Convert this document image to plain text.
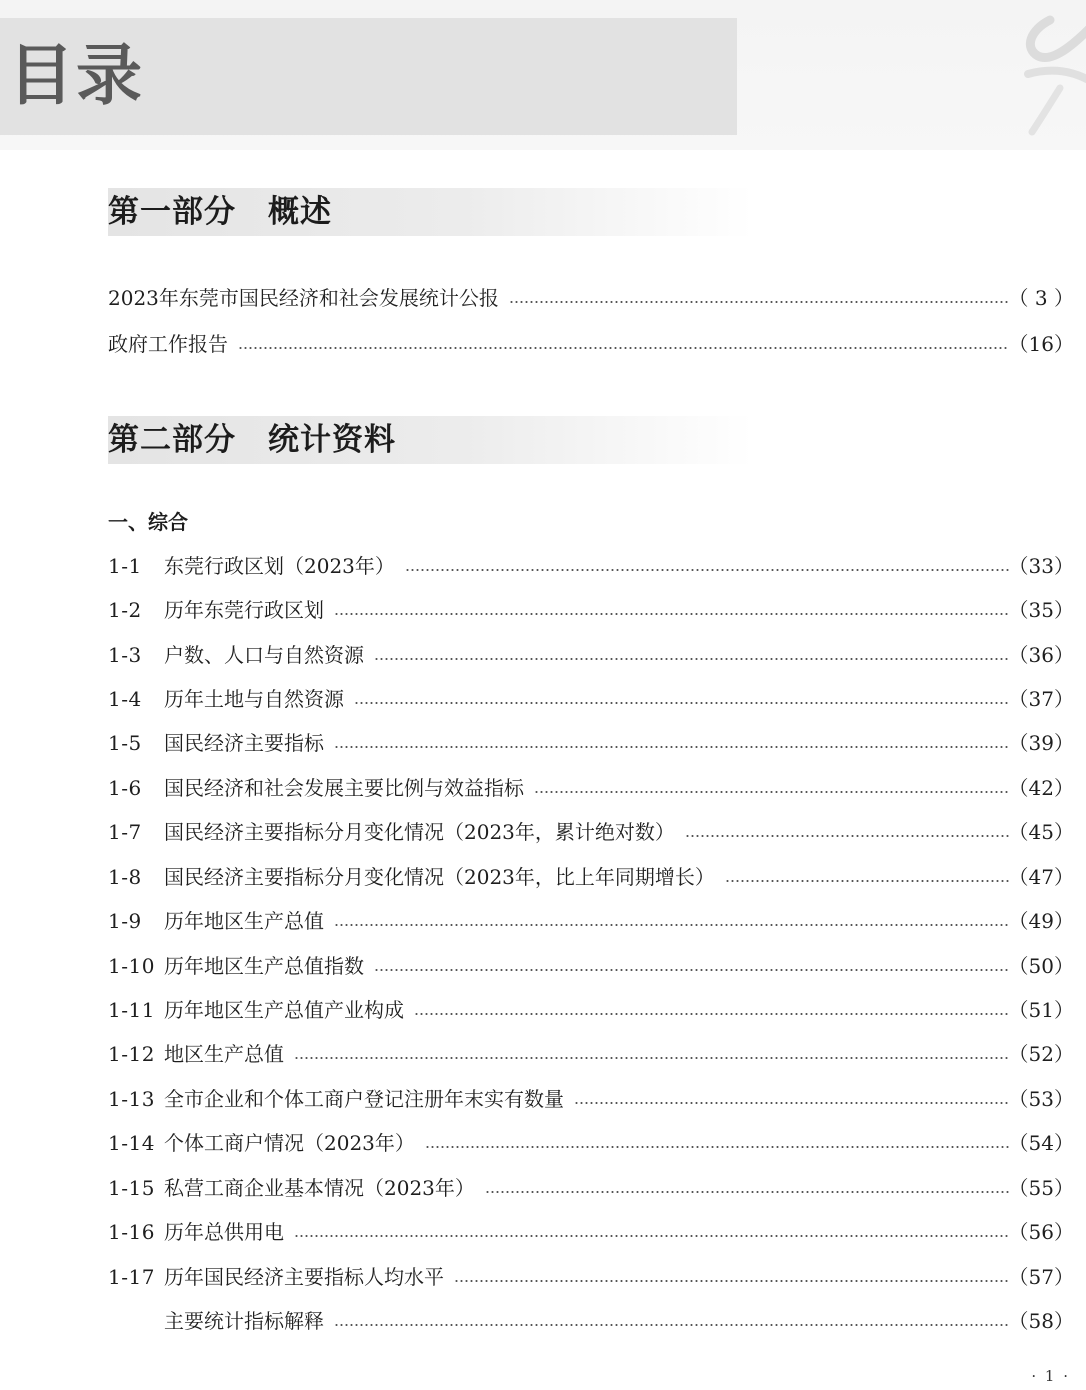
目录
第一部分　概述
2023年东莞市国民经济和社会发展统计公报	（ 3 ）
政府工作报告	（16）
第二部分　统计资料
一、综合
1-1	东莞行政区划（2023年）	（33）
1-2	历年东莞行政区划	（35）
1-3	户数、人口与自然资源	（36）
1-4	历年土地与自然资源	（37）
1-5	国民经济主要指标	（39）
1-6	国民经济和社会发展主要比例与效益指标	（42）
1-7	国民经济主要指标分月变化情况（2023年，累计绝对数）	（45）
1-8	国民经济主要指标分月变化情况（2023年，比上年同期增长）	（47）
1-9	历年地区生产总值	（49）
1-10 历年地区生产总值指数	（50）
1-11 历年地区生产总值产业构成	（51）
1-12 地区生产总值	（52）
1-13 全市企业和个体工商户登记注册年末实有数量	（53）
1-14 个体工商户情况（2023年）	（54）
1-15 私营工商企业基本情况（2023年）	（55）
1-16 历年总供用电	（56）
1-17 历年国民经济主要指标人均水平	（57）
主要统计指标解释	（58）
· 1 ·
